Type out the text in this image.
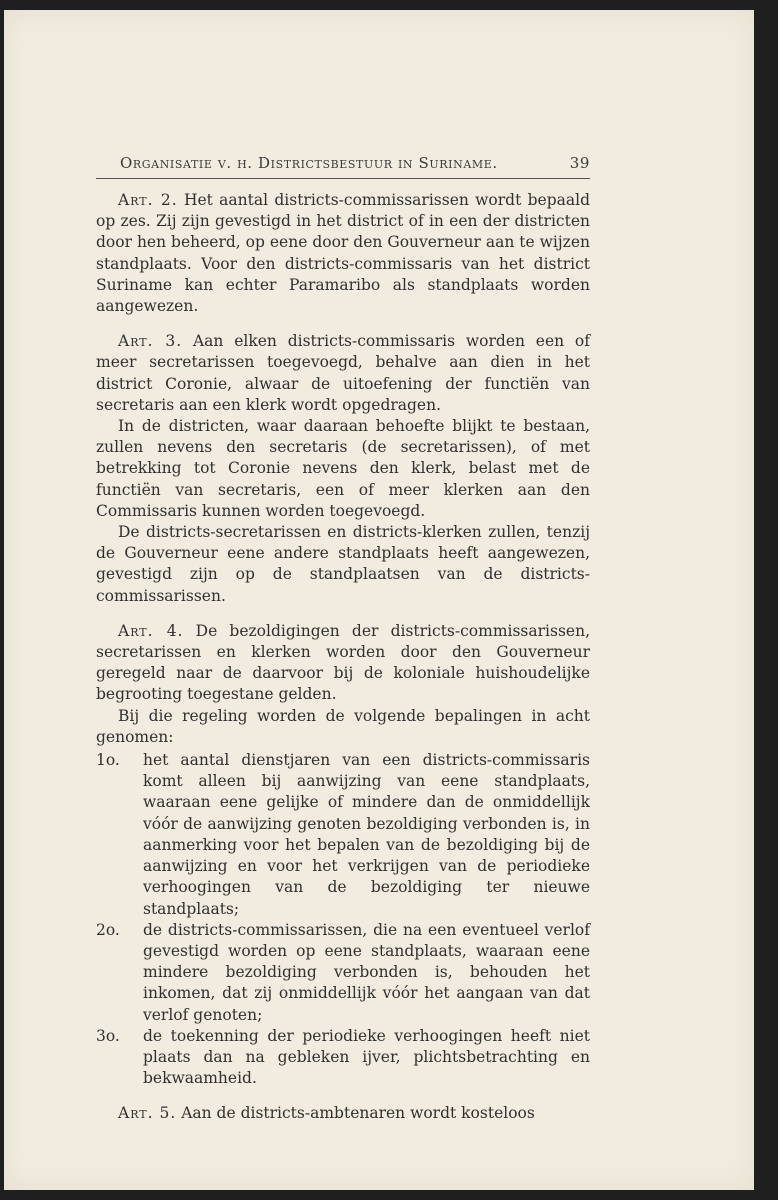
Organisatie v. h. Districtsbestuur in Suriname.	39

Art. 2. Het aantal districts-commissarissen wordt bepaald op zes. Zij zijn gevestigd in het district of in een der districten door hen beheerd, op eene door den Gouverneur aan te wijzen standplaats. Voor den districts-commissaris van het district Suriname kan echter Paramaribo als standplaats worden aangewezen.

Art. 3. Aan elken districts-commissaris worden een of meer secretarissen toegevoegd, behalve aan dien in het district Coronie, alwaar de uitoefening der functiën van secretaris aan een klerk wordt opgedragen.

In de districten, waar daaraan behoefte blijkt te bestaan, zullen nevens den secretaris (de secretarissen), of met betrekking tot Coronie nevens den klerk, belast met de functiën van secretaris, een of meer klerken aan den Commissaris kunnen worden toegevoegd.

De districts-secretarissen en districts-klerken zullen, tenzij de Gouverneur eene andere standplaats heeft aangewezen, gevestigd zijn op de standplaatsen van de districts-commissarissen.

Art. 4. De bezoldigingen der districts-commissarissen, secretarissen en klerken worden door den Gouverneur geregeld naar de daarvoor bij de koloniale huishoudelijke begrooting toegestane gelden.

Bij die regeling worden de volgende bepalingen in acht genomen:

1o. het aantal dienstjaren van een districts-commissaris komt alleen bij aanwijzing van eene standplaats, waaraan eene gelijke of mindere dan de onmiddellijk vóór de aanwijzing genoten bezoldiging verbonden is, in aanmerking voor het bepalen van de bezoldiging bij de aanwijzing en voor het verkrijgen van de periodieke verhoogingen van de bezoldiging ter nieuwe standplaats;

2o. de districts-commissarissen, die na een eventueel verlof gevestigd worden op eene standplaats, waaraan eene mindere bezoldiging verbonden is, behouden het inkomen, dat zij onmiddellijk vóór het aangaan van dat verlof genoten;

3o. de toekenning der periodieke verhoogingen heeft niet plaats dan na gebleken ijver, plichtsbetrachting en bekwaamheid.

Art. 5. Aan de districts-ambtenaren wordt kosteloos
